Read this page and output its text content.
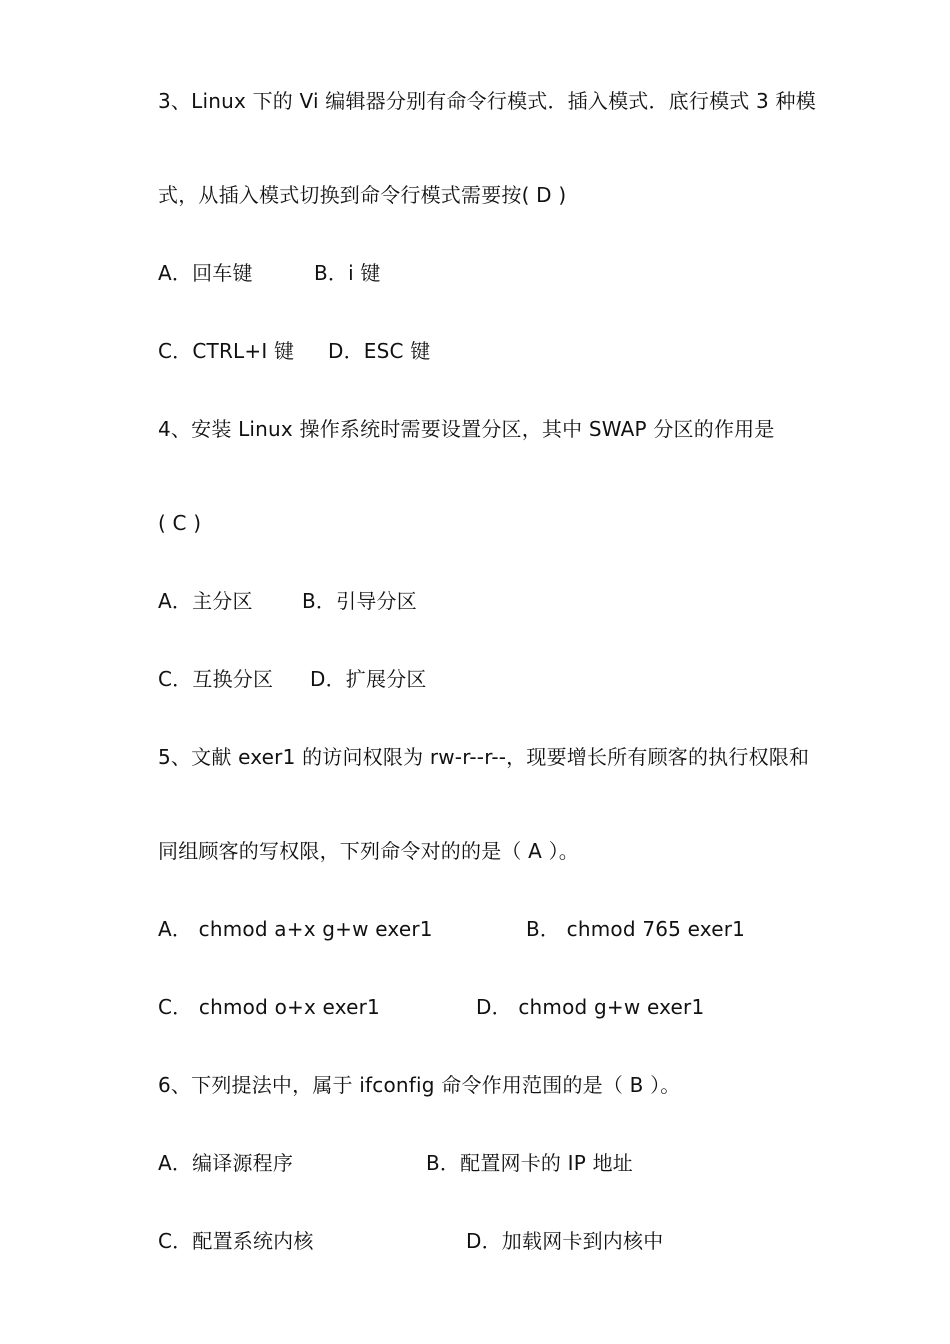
3、Linux 下的 Vi 编辑器分别有命令行模式．插入模式．底行模式 3 种模
式，从插入模式切换到命令行模式需要按( D )

A．回车键

	B．i 键

C．CTRL+I 键

D．ESC 键

4、安装 Linux 操作系统时需要设置分区，其中 SWAP 分区的作用是
( C )

A．主分区

B．引导分区

C．互换分区

D．扩展分区

5、文献 exer1 的访问权限为 rw-r--r--，现要增长所有顾客的执行权限和
同组顾客的写权限，下列命令对的的是（ A ）。

A． chmod a+x g+w exer1

	B． chmod 765 exer1

C． chmod o+x exer1

	D． chmod g+w exer1

6、下列提法中，属于 ifconfig 命令作用范围的是（ B ）。

A．编译源程序

	B．配置网卡的 IP 地址

C．配置系统内核

	D．加载网卡到内核中
